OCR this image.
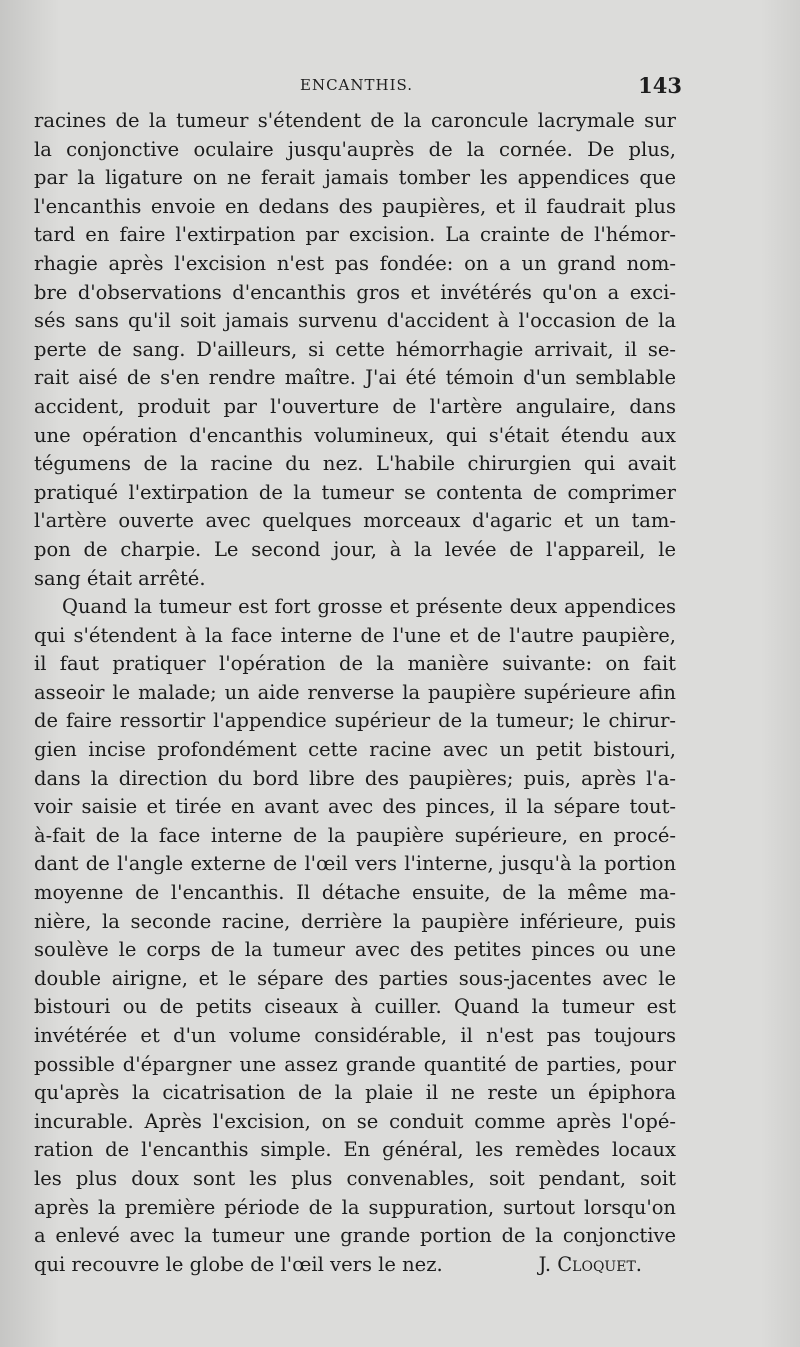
ENCANTHIS.	143
racines de la tumeur s'étendent de la caroncule lacrymale sur
la conjonctive oculaire jusqu'auprès de la cornée. De plus,
par la ligature on ne ferait jamais tomber les appendices que
l'encanthis envoie en dedans des paupières, et il faudrait plus
tard en faire l'extirpation par excision. La crainte de l'hémor-
rhagie après l'excision n'est pas fondée: on a un grand nom-
bre d'observations d'encanthis gros et invétérés qu'on a exci-
sés sans qu'il soit jamais survenu d'accident à l'occasion de la
perte de sang. D'ailleurs, si cette hémorrhagie arrivait, il se-
rait aisé de s'en rendre maître. J'ai été témoin d'un semblable
accident, produit par l'ouverture de l'artère angulaire, dans
une opération d'encanthis volumineux, qui s'était étendu aux
tégumens de la racine du nez. L'habile chirurgien qui avait
pratiqué l'extirpation de la tumeur se contenta de comprimer
l'artère ouverte avec quelques morceaux d'agaric et un tam-
pon de charpie. Le second jour, à la levée de l'appareil, le
sang était arrêté.
Quand la tumeur est fort grosse et présente deux appendices
qui s'étendent à la face interne de l'une et de l'autre paupière,
il faut pratiquer l'opération de la manière suivante: on fait
asseoir le malade; un aide renverse la paupière supérieure afin
de faire ressortir l'appendice supérieur de la tumeur; le chirur-
gien incise profondément cette racine avec un petit bistouri,
dans la direction du bord libre des paupières; puis, après l'a-
voir saisie et tirée en avant avec des pinces, il la sépare tout-
à-fait de la face interne de la paupière supérieure, en procé-
dant de l'angle externe de l'œil vers l'interne, jusqu'à la portion
moyenne de l'encanthis. Il détache ensuite, de la même ma-
nière, la seconde racine, derrière la paupière inférieure, puis
soulève le corps de la tumeur avec des petites pinces ou une
double airigne, et le sépare des parties sous-jacentes avec le
bistouri ou de petits ciseaux à cuiller. Quand la tumeur est
invétérée et d'un volume considérable, il n'est pas toujours
possible d'épargner une assez grande quantité de parties, pour
qu'après la cicatrisation de la plaie il ne reste un épiphora
incurable. Après l'excision, on se conduit comme après l'opé-
ration de l'encanthis simple. En général, les remèdes locaux
les plus doux sont les plus convenables, soit pendant, soit
après la première période de la suppuration, surtout lorsqu'on
a enlevé avec la tumeur une grande portion de la conjonctive
qui recouvre le globe de l'œil vers le nez.	J. Cloquet.
